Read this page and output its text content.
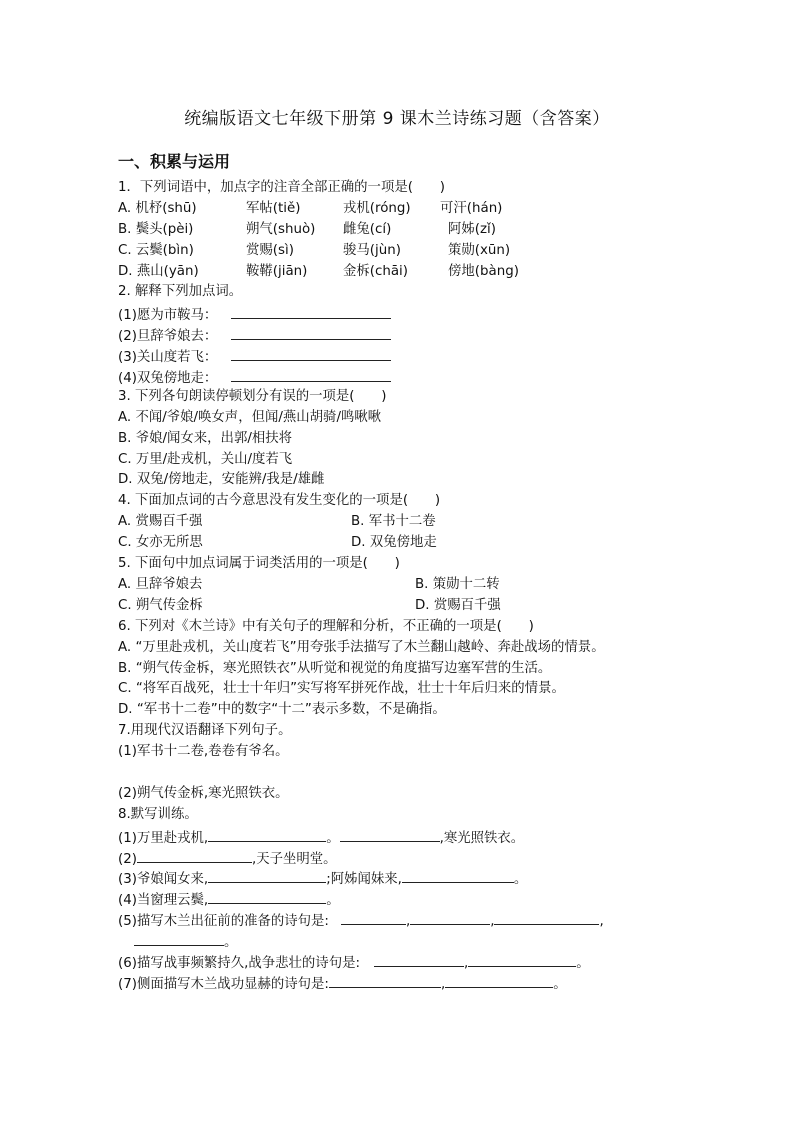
统编版语文七年级下册第 9 课木兰诗练习题（含答案）
一、积累与运用
1．下列词语中，加点字的注音全部正确的一项是(　　)
A. 机杼(shū)	军帖(tiě)	戎机(róng) 可汗(hán)
B. 鬓头(pèi)	朔气(shuò) 雌兔(cí)	阿姊(zǐ)
C. 云鬓(bìn)	赏赐(sì)	骏马(jùn)	策勋(xūn)
D. 燕山(yān)	鞍鞯(jiān)	金柝(chāi)	傍地(bàng)
2. 解释下列加点词。
(1)愿为市鞍马：
(2)旦辞爷娘去：
(3)关山度若飞：
(4)双兔傍地走：
3. 下列各句朗读停顿划分有误的一项是(　　)
A. 不闻/爷娘/唤女声，但闻/燕山胡骑/鸣啾啾
B. 爷娘/闻女来，出郭/相扶将
C. 万里/赴戎机，关山/度若飞
D. 双兔/傍地走，安能辨/我是/雄雌
4. 下面加点词的古今意思没有发生变化的一项是(　　)
A. 赏赐百千强	B. 军书十二卷
C. 女亦无所思	D. 双兔傍地走
5. 下面句中加点词属于词类活用的一项是(　　)
A. 旦辞爷娘去	B. 策勋十二转
C. 朔气传金柝	D. 赏赐百千强
6. 下列对《木兰诗》中有关句子的理解和分析，不正确的一项是(　　)
A. “万里赴戎机，关山度若飞”用夸张手法描写了木兰翻山越岭、奔赴战场的情景。
B. “朔气传金柝，寒光照铁衣”从听觉和视觉的角度描写边塞军营的生活。
C. “将军百战死，壮士十年归”实写将军拼死作战，壮士十年后归来的情景。
D. “军书十二卷”中的数字“十二”表示多数，不是确指。
7.用现代汉语翻译下列句子。
(1)军书十二卷,卷卷有爷名。
(2)朔气传金柝,寒光照铁衣。
8.默写训练。
(1)万里赴戎机,	。	,寒光照铁衣。
(2)	,天子坐明堂。
(3)爷娘闻女来,	;阿姊闻妹来,	。
(4)当窗理云鬓,	。
(5)描写木兰出征前的准备的诗句是:	,	,	,
。
(6)描写战事频繁持久,战争悲壮的诗句是:	,	。
(7)侧面描写木兰战功显赫的诗句是:	,	。
